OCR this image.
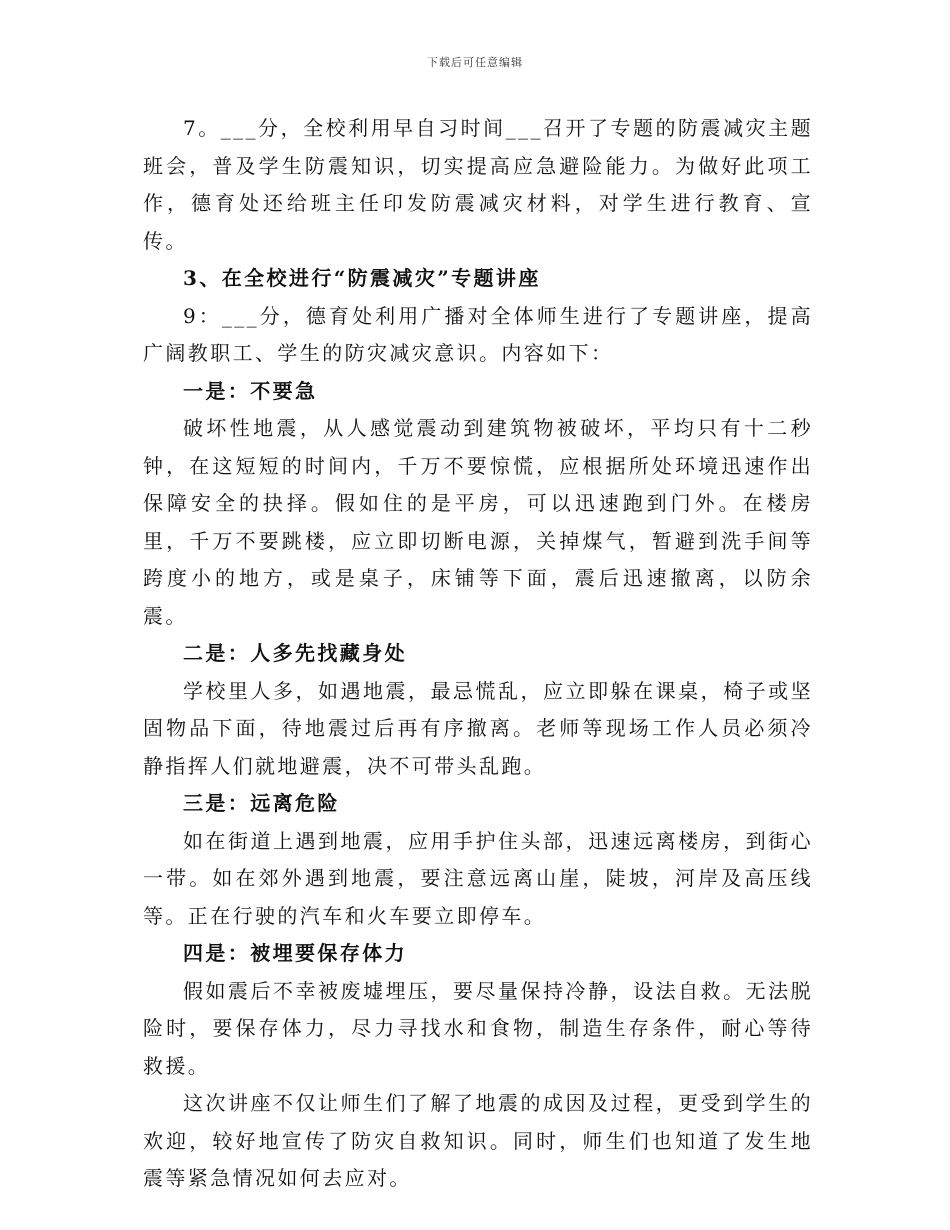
下载后可任意编辑

7。___分，全校利用早自习时间___召开了专题的防震减灾主题班会，普及学生防震知识，切实提高应急避险能力。为做好此项工作，德育处还给班主任印发防震减灾材料，对学生进行教育、宣传。

3、在全校进行“防震减灾”专题讲座

9：___分，德育处利用广播对全体师生进行了专题讲座，提高广阔教职工、学生的防灾减灾意识。内容如下：

一是：不要急

破坏性地震，从人感觉震动到建筑物被破坏，平均只有十二秒钟，在这短短的时间内，千万不要惊慌，应根据所处环境迅速作出保障安全的抉择。假如住的是平房，可以迅速跑到门外。在楼房里，千万不要跳楼，应立即切断电源，关掉煤气，暂避到洗手间等跨度小的地方，或是桌子，床铺等下面，震后迅速撤离，以防余震。

二是：人多先找藏身处

学校里人多，如遇地震，最忌慌乱，应立即躲在课桌，椅子或坚固物品下面，待地震过后再有序撤离。老师等现场工作人员必须冷静指挥人们就地避震，决不可带头乱跑。

三是：远离危险

如在街道上遇到地震，应用手护住头部，迅速远离楼房，到街心一带。如在郊外遇到地震，要注意远离山崖，陡坡，河岸及高压线等。正在行驶的汽车和火车要立即停车。

四是：被埋要保存体力

假如震后不幸被废墟埋压，要尽量保持冷静，设法自救。无法脱险时，要保存体力，尽力寻找水和食物，制造生存条件，耐心等待救援。

这次讲座不仅让师生们了解了地震的成因及过程，更受到学生的欢迎，较好地宣传了防灾自救知识。同时，师生们也知道了发生地震等紧急情况如何去应对。
